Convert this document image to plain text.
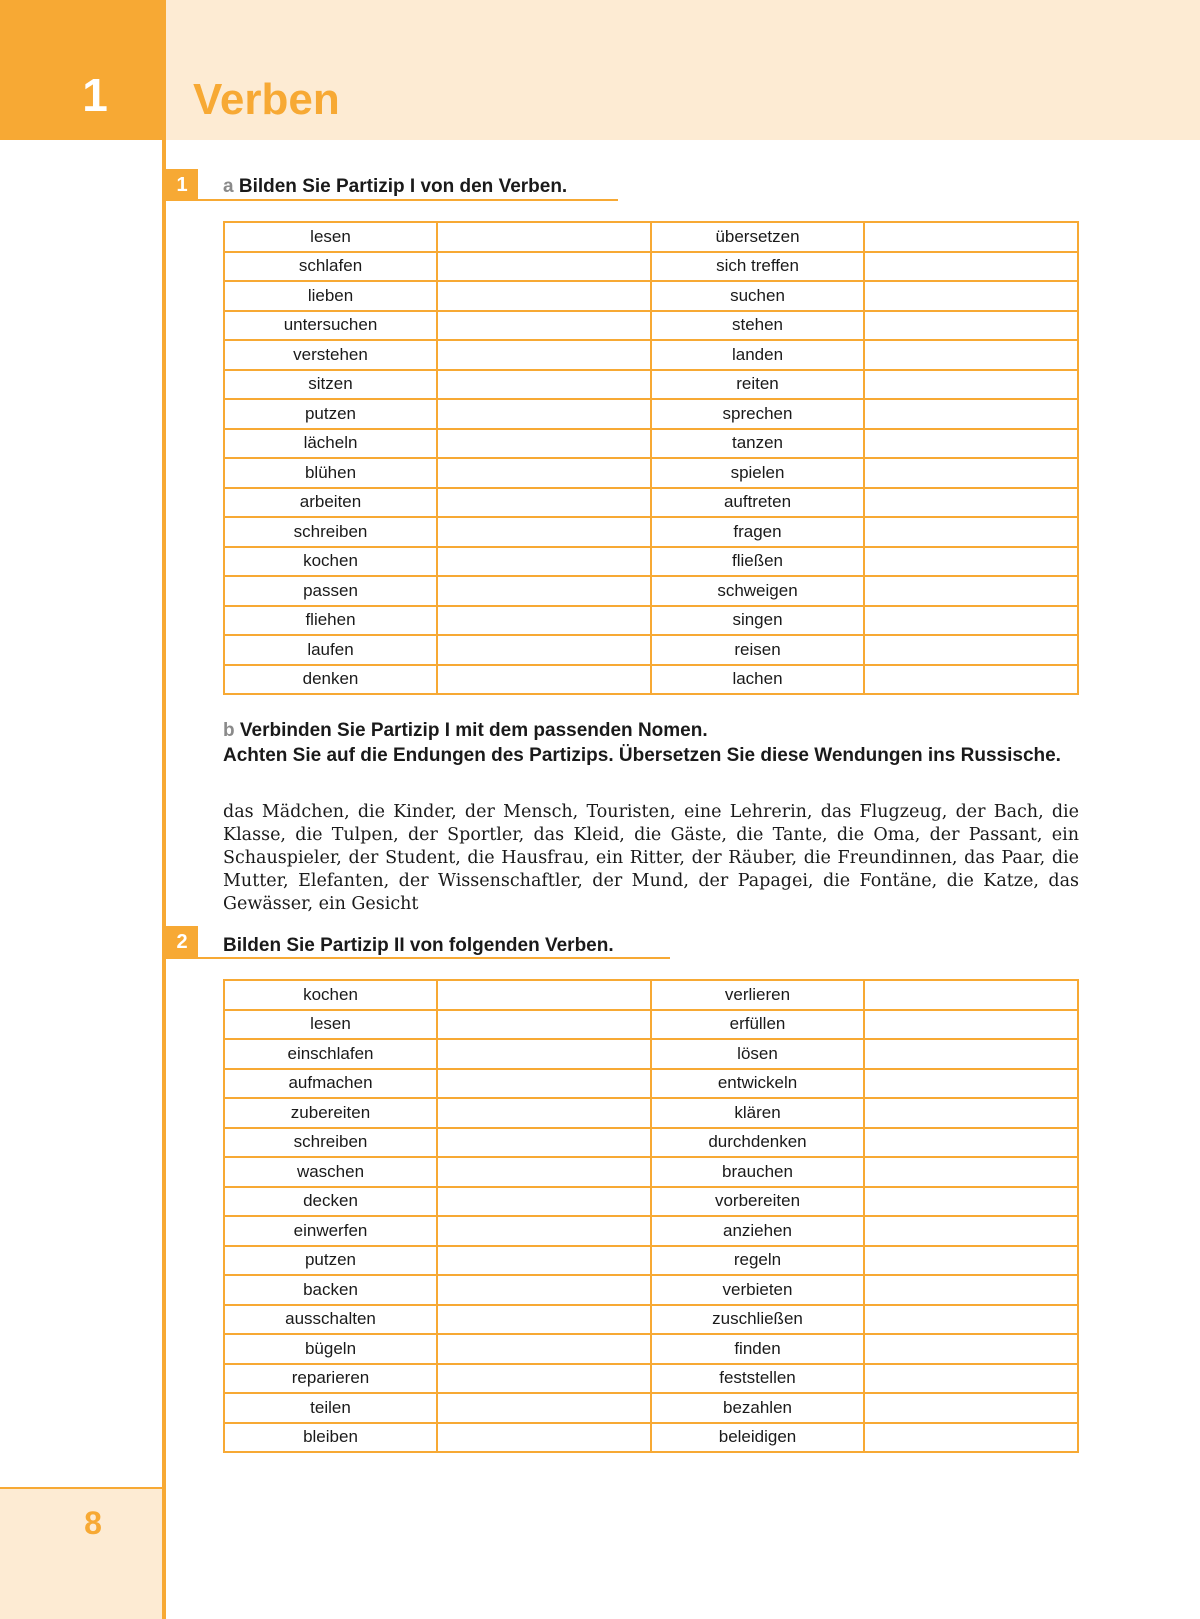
1	Verben
8
1	a Bilden Sie Partizip I von den Verben.
lesen		übersetzen	
schlafen		sich treffen	
lieben		suchen	
untersuchen		stehen	
verstehen		landen	
sitzen		reiten	
putzen		sprechen	
lächeln		tanzen	
blühen		spielen	
arbeiten		auftreten	
schreiben		fragen	
kochen		fließen	
passen		schweigen	
fliehen		singen	
laufen		reisen	
denken		lachen	
b Verbinden Sie Partizip I mit dem passenden Nomen.
Achten Sie auf die Endungen des Partizips. Übersetzen Sie diese Wendungen ins Russische.
das Mädchen, die Kinder, der Mensch, Touristen, eine Lehrerin, das Flugzeug, der Bach, die Klasse, die Tulpen, der Sportler, das Kleid, die Gäste, die Tante, die Oma, der Passant, ein Schauspieler, der Student, die Hausfrau, ein Ritter, der Räuber, die Freundinnen, das Paar, die Mutter, Elefanten, der Wissenschaftler, der Mund, der Papagei, die Fontäne, die Katze, das Gewässer, ein Gesicht
2	Bilden Sie Partizip II von folgenden Verben.
kochen		verlieren	
lesen		erfüllen	
einschlafen		lösen	
aufmachen		entwickeln	
zubereiten		klären	
schreiben		durchdenken	
waschen		brauchen	
decken		vorbereiten	
einwerfen		anziehen	
putzen		regeln	
backen		verbieten	
ausschalten		zuschließen	
bügeln		finden	
reparieren		feststellen	
teilen		bezahlen	
bleiben		beleidigen	
